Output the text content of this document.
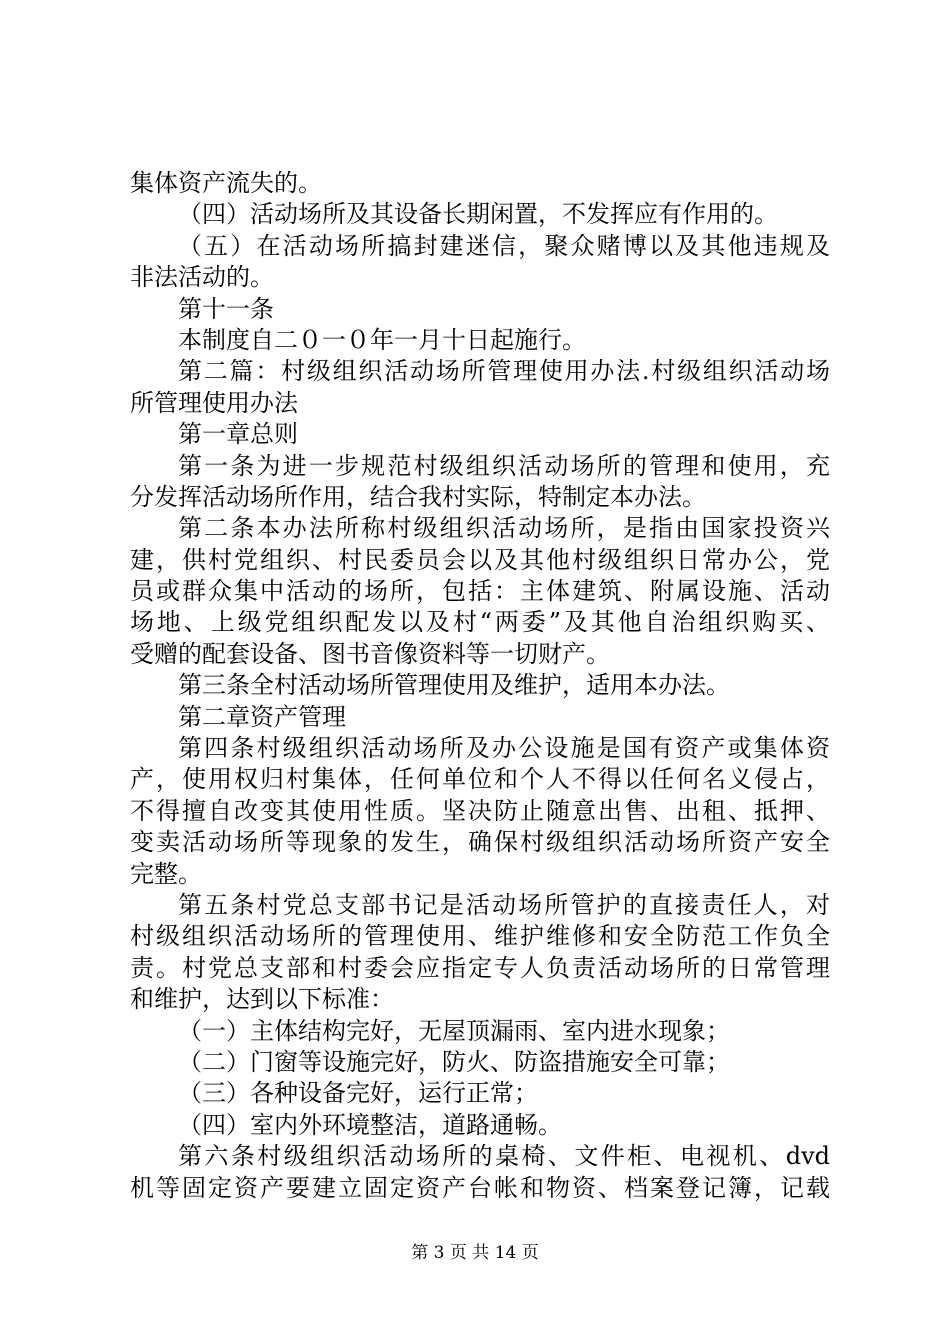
集体资产流失的。
（四）活动场所及其设备长期闲置，不发挥应有作用的。
（五）在活动场所搞封建迷信，聚众赌博以及其他违规及
非法活动的。
第十一条
本制度自二０一０年一月十日起施行。
第二篇：村级组织活动场所管理使用办法.村级组织活动场
所管理使用办法
第一章总则
第一条为进一步规范村级组织活动场所的管理和使用，充
分发挥活动场所作用，结合我村实际，特制定本办法。
第二条本办法所称村级组织活动场所，是指由国家投资兴
建，供村党组织、村民委员会以及其他村级组织日常办公，党
员或群众集中活动的场所，包括：主体建筑、附属设施、活动
场地、上级党组织配发以及村“两委”及其他自治组织购买、
受赠的配套设备、图书音像资料等一切财产。
第三条全村活动场所管理使用及维护，适用本办法。
第二章资产管理
第四条村级组织活动场所及办公设施是国有资产或集体资
产，使用权归村集体，任何单位和个人不得以任何名义侵占，
不得擅自改变其使用性质。坚决防止随意出售、出租、抵押、
变卖活动场所等现象的发生，确保村级组织活动场所资产安全
完整。
第五条村党总支部书记是活动场所管护的直接责任人，对
村级组织活动场所的管理使用、维护维修和安全防范工作负全
责。村党总支部和村委会应指定专人负责活动场所的日常管理
和维护，达到以下标准：
（一）主体结构完好，无屋顶漏雨、室内进水现象；
（二）门窗等设施完好，防火、防盗措施安全可靠；
（三）各种设备完好，运行正常；
（四）室内外环境整洁，道路通畅。
第六条村级组织活动场所的桌椅、文件柜、电视机、dvd
机等固定资产要建立固定资产台帐和物资、档案登记簿，记载
第 3 页 共 14 页
